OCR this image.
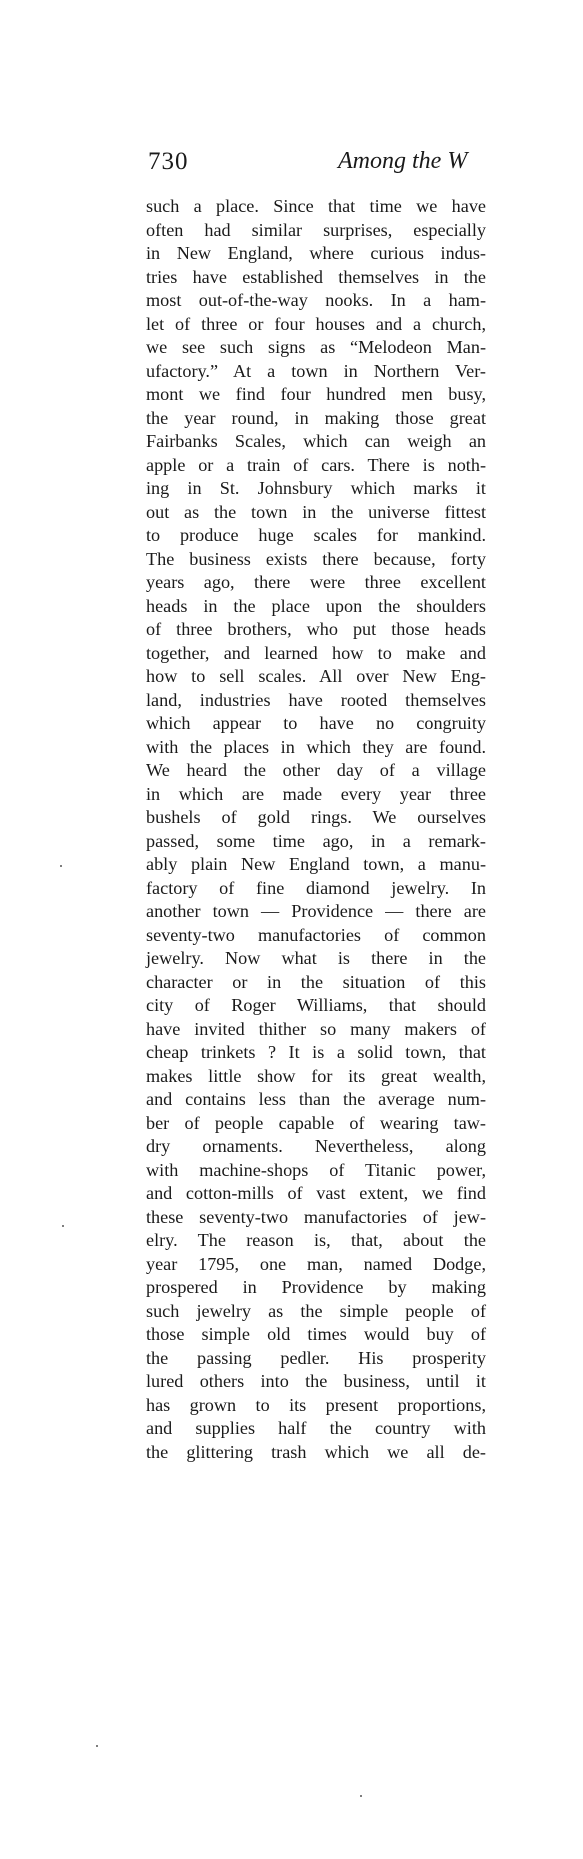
730	Among the W
such a place. Since that time we have
often had similar surprises, especially
in New England, where curious indus-
tries have established themselves in the
most out-of-the-way nooks. In a ham-
let of three or four houses and a church,
we see such signs as “Melodeon Man-
ufactory.” At a town in Northern Ver-
mont we find four hundred men busy,
the year round, in making those great
Fairbanks Scales, which can weigh an
apple or a train of cars. There is noth-
ing in St. Johnsbury which marks it
out as the town in the universe fittest
to produce huge scales for mankind.
The business exists there because, forty
years ago, there were three excellent
heads in the place upon the shoulders
of three brothers, who put those heads
together, and learned how to make and
how to sell scales. All over New Eng-
land, industries have rooted themselves
which appear to have no congruity
with the places in which they are found.
We heard the other day of a village
in which are made every year three
bushels of gold rings. We ourselves
passed, some time ago, in a remark-
ably plain New England town, a manu-
factory of fine diamond jewelry. In
another town — Providence — there are
seventy-two manufactories of common
jewelry. Now what is there in the
character or in the situation of this
city of Roger Williams, that should
have invited thither so many makers of
cheap trinkets ? It is a solid town, that
makes little show for its great wealth,
and contains less than the average num-
ber of people capable of wearing taw-
dry ornaments. Nevertheless, along
with machine-shops of Titanic power,
and cotton-mills of vast extent, we find
these seventy-two manufactories of jew-
elry. The reason is, that, about the
year 1795, one man, named Dodge,
prospered in Providence by making
such jewelry as the simple people of
those simple old times would buy of
the passing pedler. His prosperity
lured others into the business, until it
has grown to its present proportions,
and supplies half the country with
the glittering trash which we all de-
